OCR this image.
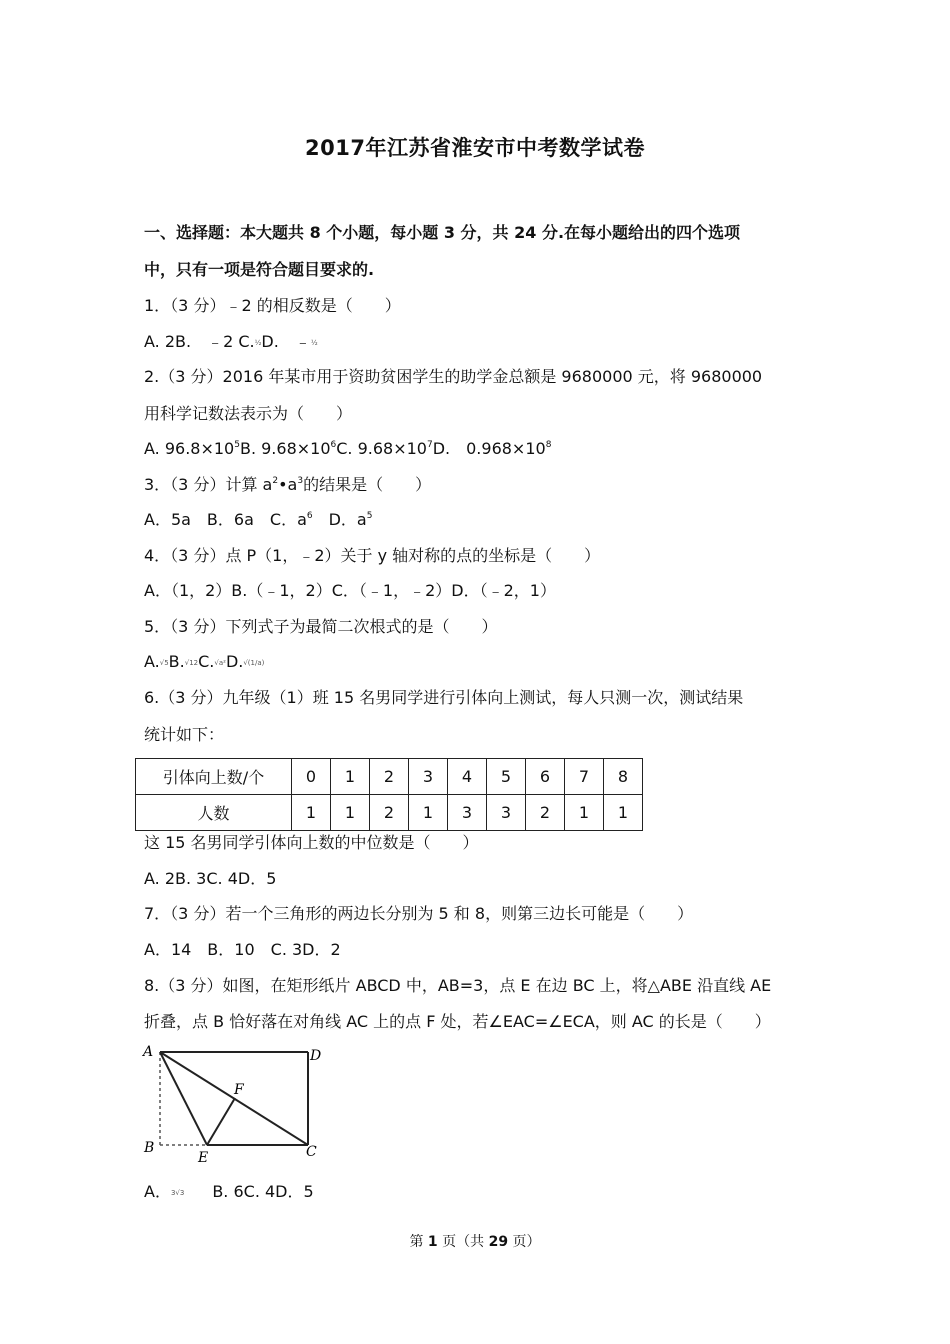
2017年江苏省淮安市中考数学试卷
一、选择题：本大题共 8 个小题，每小题 3 分，共 24 分.在每小题给出的四个选项
中，只有一项是符合题目要求的.
1．（3 分）﹣2 的相反数是（　　）
A. 2B.　﹣2 C.½D.　﹣½
2.（3 分）2016 年某市用于资助贫困学生的助学金总额是 9680000 元，将 9680000
用科学记数法表示为（　　）
A. $96.8\times 10^5B$. $9.68\times 10^6C$. $9.68\times 10^7D$.　$0.968\times 10^8$
3．（3 分）计算 $a^2•a^3$的结果是（　　）
A．5a　B．6a　C．$a^6$　D．$a^5$
4．（3 分）点 P（1，﹣2）关于 y 轴对称的点的坐标是（　　）
A．（1，2）B.（﹣1，2）C．（﹣1，﹣2）D．（﹣2，1）
5．（3 分）下列式子为最简二次根式的是（　　）
A.√5B.√12C.√a²D.√(1/a)
6.（3 分）九年级（1）班 15 名男同学进行引体向上测试，每人只测一次，测试结果
统计如下：
引体向上数/个	0	1	2	3	4	5	6	7	8
人数	1	1	2	1	3	3	2	1	1
这 15 名男同学引体向上数的中位数是（　　）
A. 2B. 3C. 4D．5
7．（3 分）若一个三角形的两边长分别为 5 和 8，则第三边长可能是（　　）
A．14　B．10　C. 3D．2
8.（3 分）如图，在矩形纸片 ABCD 中，AB=3，点 E 在边 BC 上，将△ABE 沿直线 AE
折叠，点 B 恰好落在对角线 AC 上的点 F 处，若∠EAC=∠ECA，则 AC 的长是（　　）
A	D
B	C
E
F
A．3√3 B. 6C. 4D．5
第 1 页（共 29 页）
